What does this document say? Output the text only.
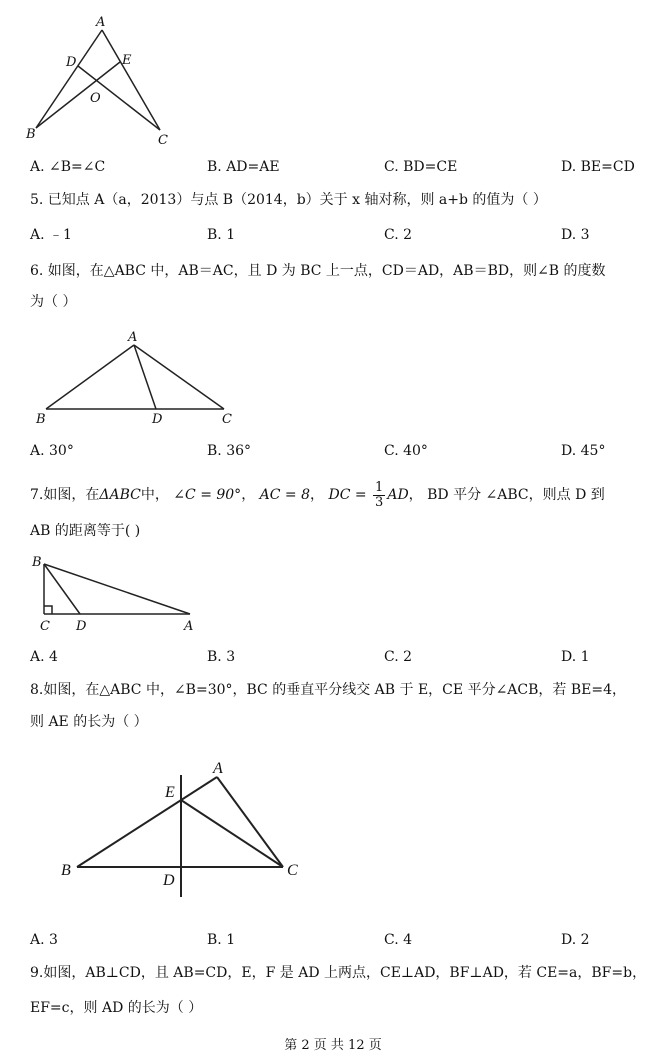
A
D	E
O
B	C
A. ∠B=∠C	B. AD=AE	C. BD=CE	D. BE=CD
5. 已知点 A（a，2013）与点 B（2014，b）关于 x 轴对称，则 a+b 的值为（ ）
A. ﹣1	B. 1	C. 2	D. 3
6. 如图，在△ABC 中，AB＝AC，且 D 为 BC 上一点，CD＝AD，AB＝BD，则∠B 的度数
为（ ）
A
B	D	C
A. 30°	B. 36°	C. 40°	D. 45°
7.如图，在ΔABC中， ∠C = 90°， AC = 8， DC = $\frac{1}{3}$ AD， BD 平分 ∠ABC，则点 D 到
AB 的距离等于( )
B
C D	A
A. 4	B. 3	C. 2	D. 1
8.如图，在△ABC 中，∠B=30°，BC 的垂直平分线交 AB 于 E，CE 平分∠ACB，若 BE=4，
则 AE 的长为（ ）
A
E
B
D
C
A. 3	B. 1	C. 4	D. 2
9.如图，AB⊥CD，且 AB=CD，E，F 是 AD 上两点，CE⊥AD，BF⊥AD，若 CE=a，BF=b，
EF=c，则 AD 的长为（ ）
第 2 页 共 12 页
